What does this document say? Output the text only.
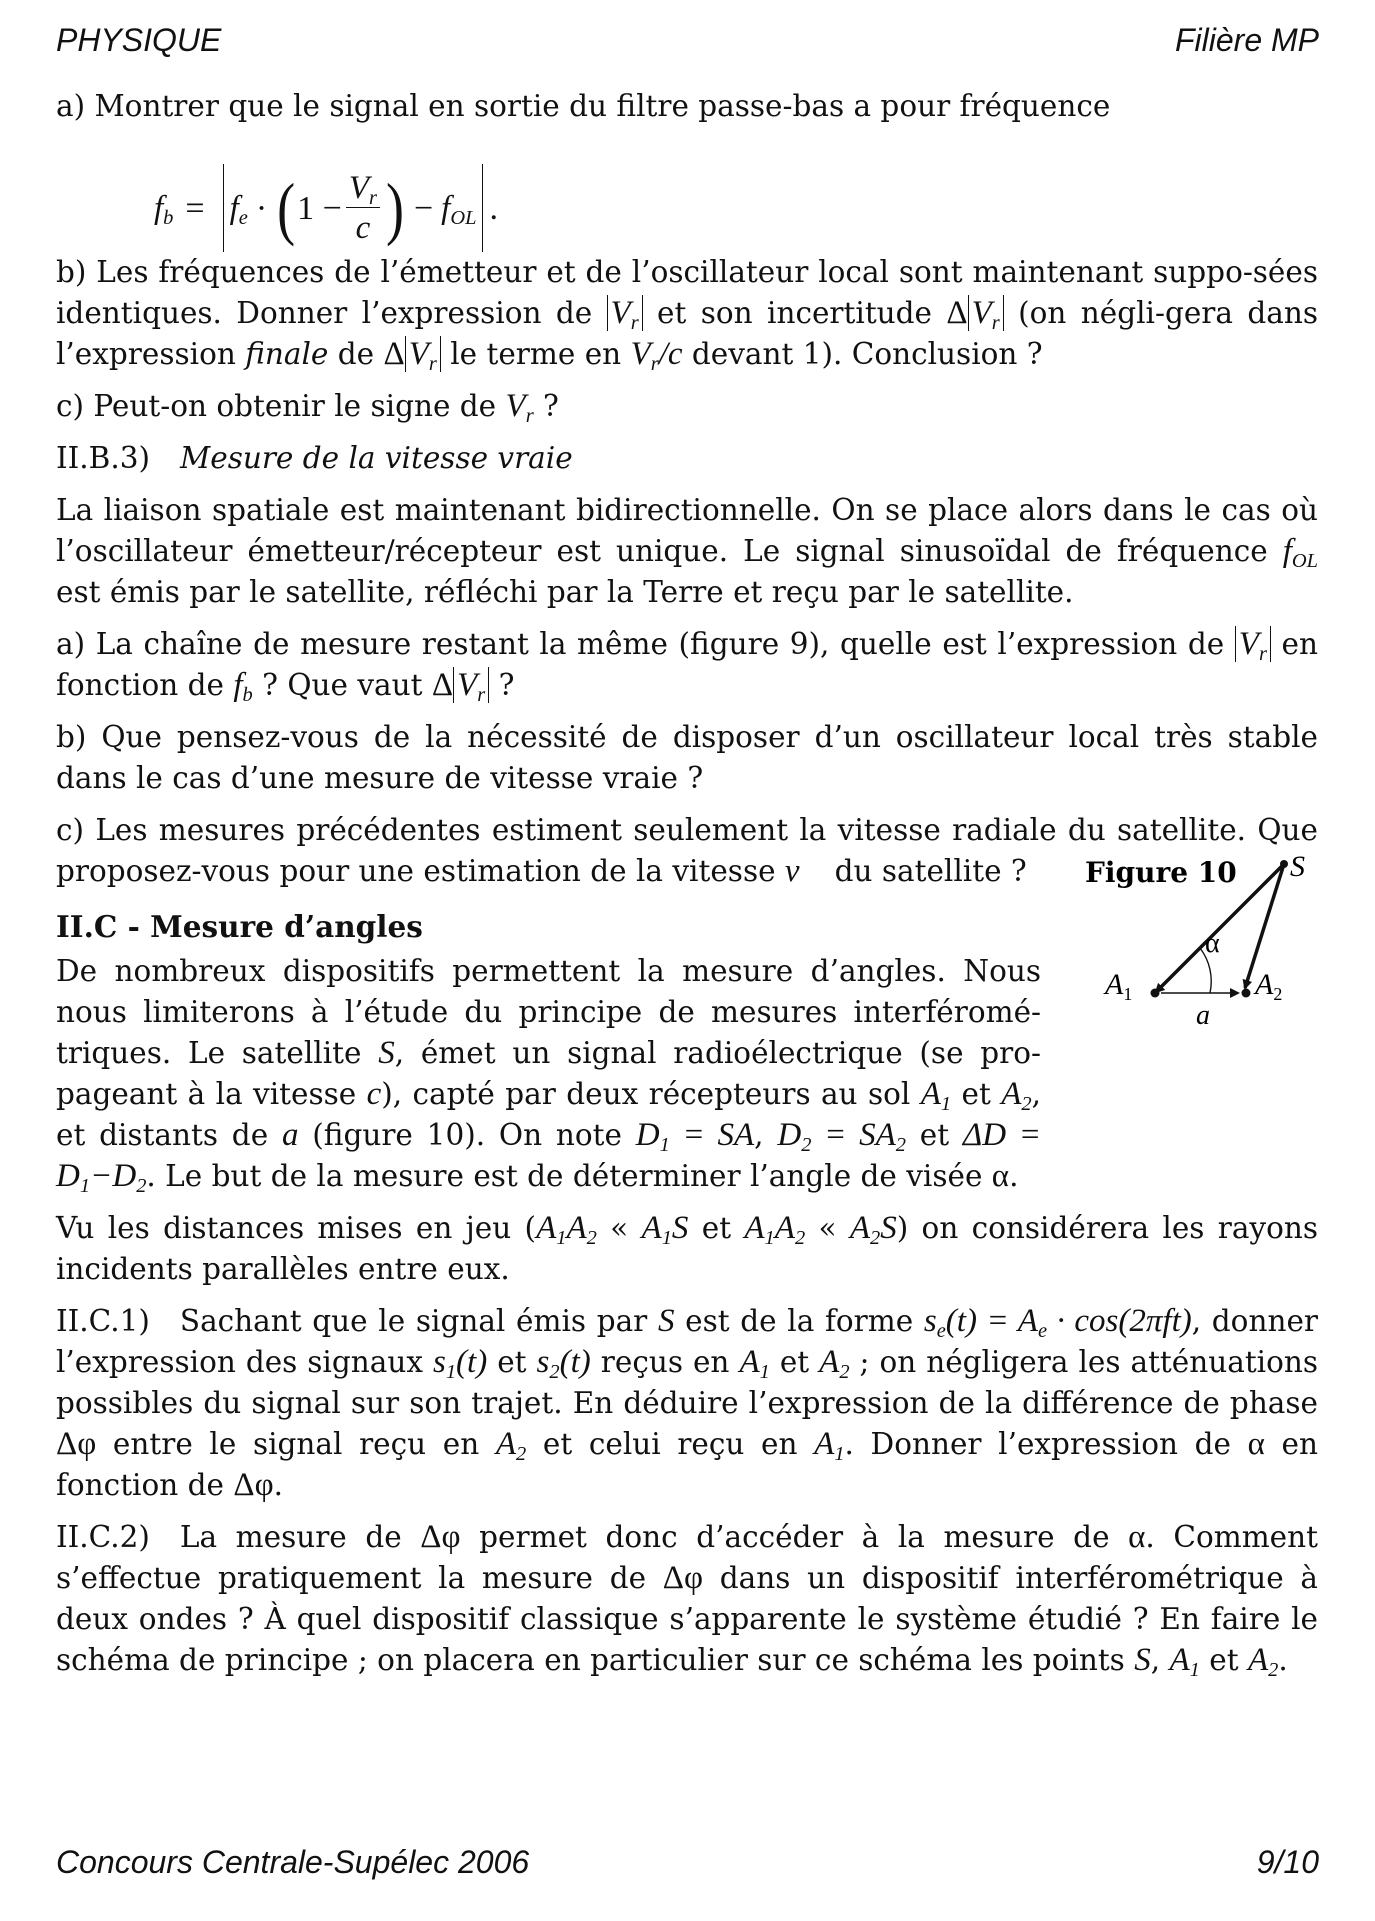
PHYSIQUE	Filière MP

a) Montrer que le signal en sortie du filtre passe-bas a pour fréquence

$f_b = f_e$ · ( $1 - \frac{V_r}{c}$ ) − $f_{OL}$ .

b) Les fréquences de l’émetteur et de l’oscillateur local sont maintenant suppo-sées identiques. Donner l’expression de $V_r$ et son incertitude Δ $V_r$ (on négli-gera dans l’expression finale de Δ $V_r$ le terme en $V_r/c$ devant 1). Conclusion ?

c) Peut-on obtenir le signe de $V_r$ ?

II.B.3) Mesure de la vitesse vraie

La liaison spatiale est maintenant bidirectionnelle. On se place alors dans le cas où l’oscillateur émetteur/récepteur est unique. Le signal sinusoïdal de fréquence $f_{OL}$ est émis par le satellite, réfléchi par la Terre et reçu par le satellite.

a) La chaîne de mesure restant la même (figure 9), quelle est l’expression de $V_r$ en fonction de $f_b$ ? Que vaut Δ $V_r$ ?

b) Que pensez-vous de la nécessité de disposer d’un oscillateur local très stable dans le cas d’une mesure de vitesse vraie ?

c) Les mesures précédentes estiment seulement la vitesse radiale du satellite. Que proposez-vous pour une estimation de la vitesse v⃗ du satellite ?

II.C - Mesure d’angles

De nombreux dispositifs permettent la mesure d’angles. Nous nous limiterons à l’étude du principe de mesures interféromé-triques. Le satellite S, émet un signal radioélectrique (se pro-pageant à la vitesse c), capté par deux récepteurs au sol $A_1$ et $A_2$, et distants de a (figure 10). On note $D_1$ = SA, $D_2 = SA_2$ et $\Delta D = D_1-D_2$. Le but de la mesure est de déterminer l’angle de visée α.

Vu les distances mises en jeu ($A_1A_2$ « $A_1S$ et $A_1A_2$ « $A_2S$) on considérera les rayons incidents parallèles entre eux.

II.C.1) Sachant que le signal émis par S est de la forme $s_e(t) = A_e \cdot \cos(2\pi ft)$, donner l’expression des signaux $s_1(t)$ et $s_2(t)$ reçus en $A_1$ et $A_2$ ; on négligera les atténuations possibles du signal sur son trajet. En déduire l’expression de la différence de phase Δφ entre le signal reçu en $A_2$ et celui reçu en $A_1$. Donner l’expression de α en fonction de Δφ.

II.C.2) La mesure de Δφ permet donc d’accéder à la mesure de α. Comment s’effectue pratiquement la mesure de Δφ dans un dispositif interférométrique à deux ondes ? À quel dispositif classique s’apparente le système étudié ? En faire le schéma de principe ; on placera en particulier sur ce schéma les points S, $A_1$ et $A_2$.

Figure 10 S
α
a
$A_1$	$A_2$
Concours Centrale-Supélec 2006	9/10
